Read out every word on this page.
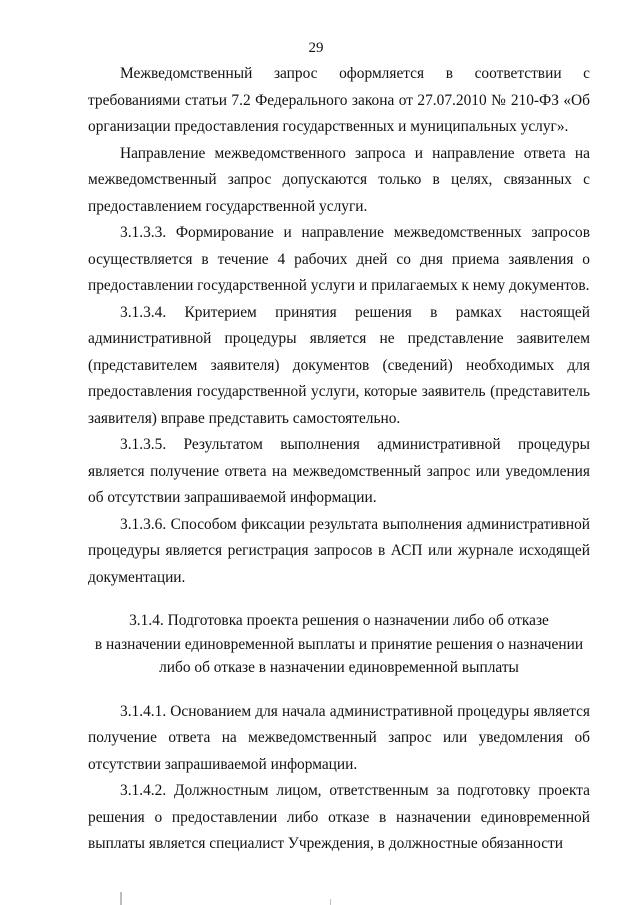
29

Межведомственный запрос оформляется в соответствии с требованиями статьи 7.2 Федерального закона от 27.07.2010 № 210-ФЗ «Об организации предоставления государственных и муниципальных услуг».

Направление межведомственного запроса и направление ответа на межведомственный запрос допускаются только в целях, связанных с предоставлением государственной услуги.

3.1.3.3. Формирование и направление межведомственных запросов осуществляется в течение 4 рабочих дней со дня приема заявления о предоставлении государственной услуги и прилагаемых к нему документов.

3.1.3.4. Критерием принятия решения в рамках настоящей административной процедуры является не представление заявителем (представителем заявителя) документов (сведений) необходимых для предоставления государственной услуги, которые заявитель (представитель заявителя) вправе представить самостоятельно.

3.1.3.5. Результатом выполнения административной процедуры является получение ответа на межведомственный запрос или уведомления об отсутствии запрашиваемой информации.

3.1.3.6. Способом фиксации результата выполнения административной процедуры является регистрация запросов в АСП или журнале исходящей документации.

3.1.4. Подготовка проекта решения о назначении либо об отказе
в назначении единовременной выплаты и принятие решения о назначении
либо об отказе в назначении единовременной выплаты

3.1.4.1. Основанием для начала административной процедуры является получение ответа на межведомственный запрос или уведомления об отсутствии запрашиваемой информации.

3.1.4.2. Должностным лицом, ответственным за подготовку проекта решения о предоставлении либо отказе в назначении единовременной выплаты является специалист Учреждения, в должностные обязанности
